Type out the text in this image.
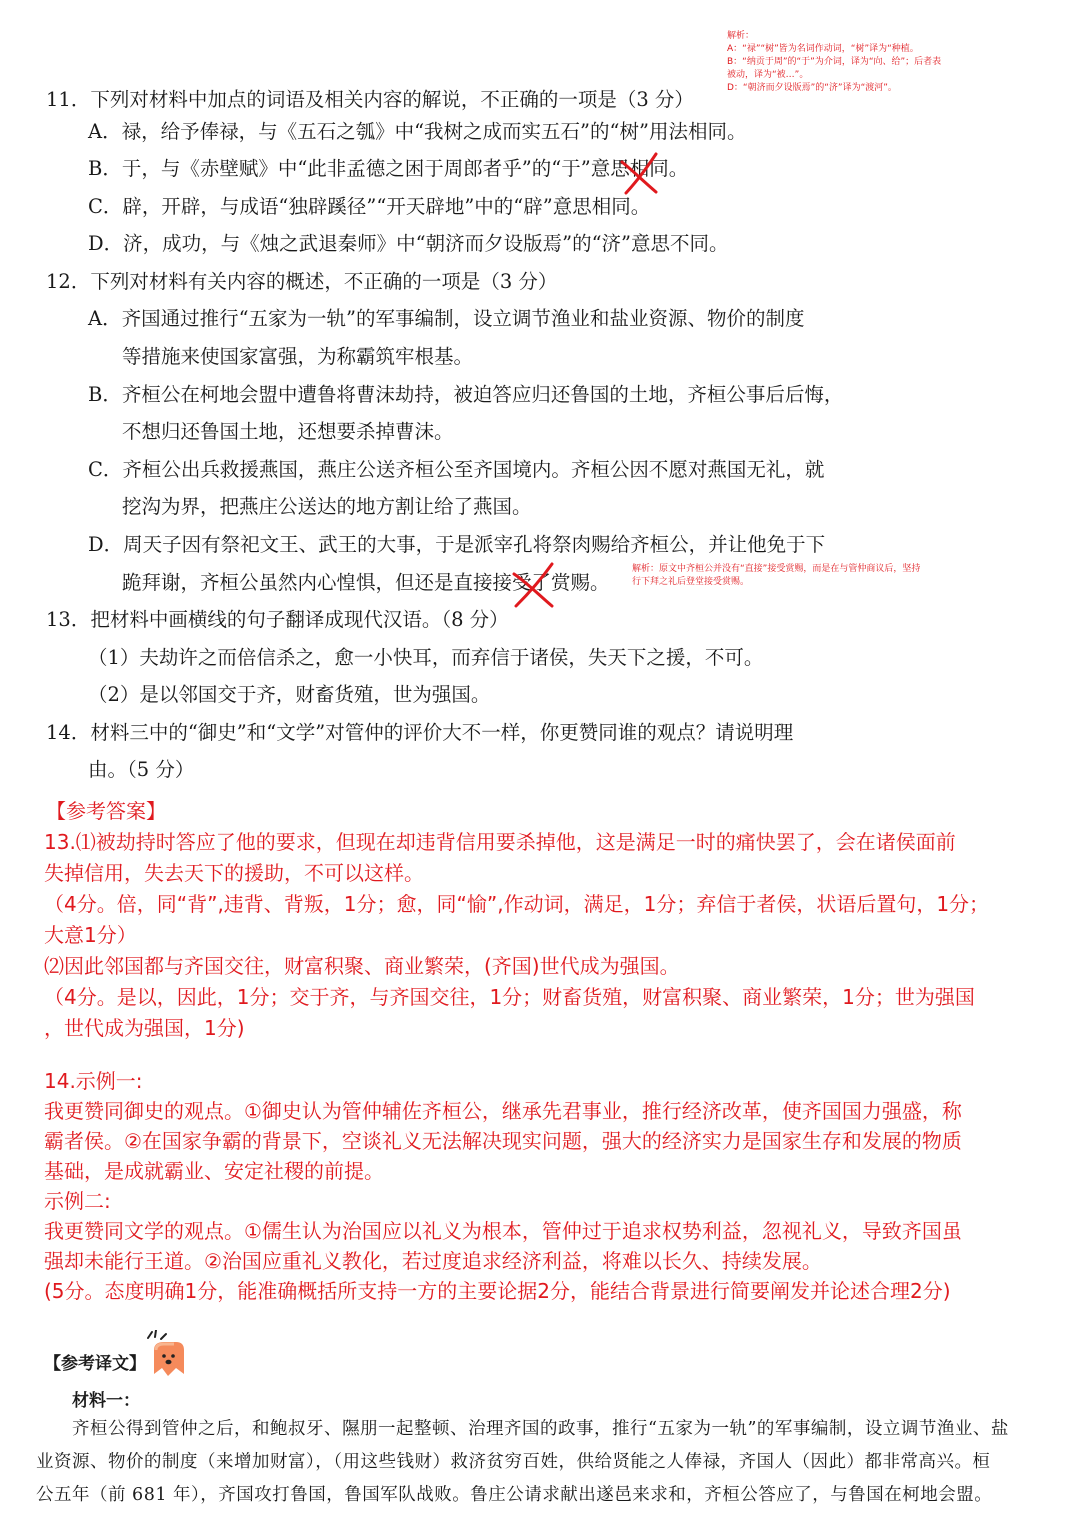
解析：
A：“禄”“树”皆为名词作动词，“树”译为“种植。
B：“纳贡于周”的“于”为介词，译为“向、给”；后者表
被动，译为“被…”。
D：“朝济而夕设版焉”的“济”译为“渡河”。
11．下列对材料中加点的词语及相关内容的解说，不正确的一项是（3 分）
A．禄，给予俸禄，与《五石之瓠》中“我树之成而实五石”的“树”用法相同。
B．于，与《赤壁赋》中“此非孟德之困于周郎者乎”的“于”意思相同。
C．辟，开辟，与成语“独辟蹊径”“开天辟地”中的“辟”意思相同。
D．济，成功，与《烛之武退秦师》中“朝济而夕设版焉”的“济”意思不同。
12．下列对材料有关内容的概述，不正确的一项是（3 分）
A．齐国通过推行“五家为一轨”的军事编制，设立调节渔业和盐业资源、物价的制度
等措施来使国家富强，为称霸筑牢根基。
B．齐桓公在柯地会盟中遭鲁将曹沫劫持，被迫答应归还鲁国的土地，齐桓公事后后悔，
不想归还鲁国土地，还想要杀掉曹沫。
C．齐桓公出兵救援燕国，燕庄公送齐桓公至齐国境内。齐桓公因不愿对燕国无礼，就
挖沟为界，把燕庄公送达的地方割让给了燕国。
D．周天子因有祭祀文王、武王的大事，于是派宰孔将祭肉赐给齐桓公，并让他免于下
跪拜谢，齐桓公虽然内心惶惧，但还是直接接受了赏赐。
解析：原文中齐桓公并没有“直接”接受赏赐，而是在与管仲商议后，坚持
行下拜之礼后登堂接受赏赐。
13．把材料中画横线的句子翻译成现代汉语。（8 分）
（1）夫劫许之而倍信杀之，愈一小快耳，而弃信于诸侯，失天下之援，不可。
（2）是以邻国交于齐，财畜货殖，世为强国。
14．材料三中的“御史”和“文学”对管仲的评价大不一样，你更赞同谁的观点？请说明理
由。（5 分）
【参考答案】
13.⑴被劫持时答应了他的要求，但现在却违背信用要杀掉他，这是满足一时的痛快罢了，会在诸侯面前
失掉信用，失去天下的援助，不可以这样。
（4分。倍，同“背”,违背、背叛，1分；愈，同“愉”,作动词，满足，1分；弃信于者侯，状语后置句，1分；
大意1分）
⑵因此邻国都与齐国交往，财富积聚、商业繁荣，(齐国)世代成为强国。
（4分。是以，因此，1分；交于齐，与齐国交往，1分；财畜货殖，财富积聚、商业繁荣，1分；世为强国
，世代成为强国，1分)
14.示例一:
我更赞同御史的观点。①御史认为管仲辅佐齐桓公，继承先君事业，推行经济改革，使齐国国力强盛，称
霸者侯。②在国家争霸的背景下，空谈礼义无法解决现实问题，强大的经济实力是国家生存和发展的物质
基础，是成就霸业、安定社稷的前提。
示例二:
我更赞同文学的观点。①儒生认为治国应以礼义为根本，管仲过于追求权势利益，忽视礼义，导致齐国虽
强却未能行王道。②治国应重礼义教化，若过度追求经济利益，将难以长久、持续发展。
(5分。态度明确1分，能准确概括所支持一方的主要论据2分，能结合背景进行简要阐发并论述合理2分)
【参考译文】
材料一：
齐桓公得到管仲之后，和鲍叔牙、隰朋一起整顿、治理齐国的政事，推行“五家为一轨”的军事编制，设立调节渔业、盐
业资源、物价的制度（来增加财富），（用这些钱财）救济贫穷百姓，供给贤能之人俸禄，齐国人（因此）都非常高兴。桓
公五年（前 681 年），齐国攻打鲁国，鲁国军队战败。鲁庄公请求献出遂邑来求和，齐桓公答应了，与鲁国在柯地会盟。
